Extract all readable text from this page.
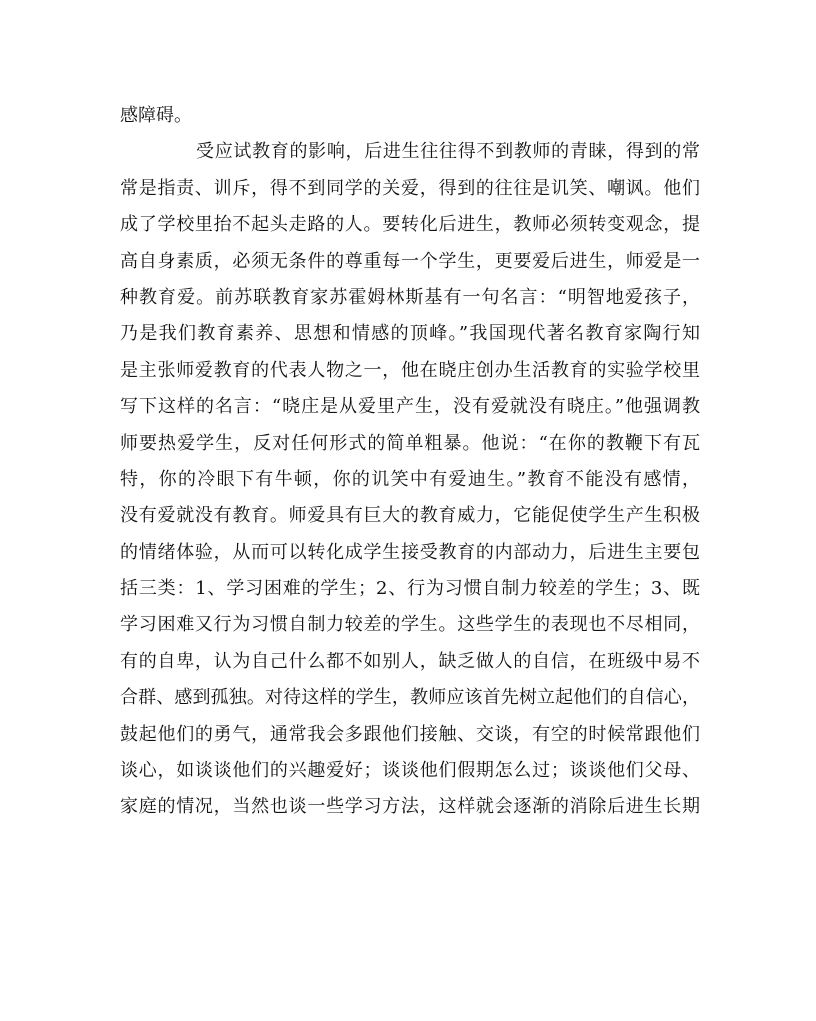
感障碍。
受应试教育的影响，后进生往往得不到教师的青睐，得到的常
常是指责、训斥，得不到同学的关爱，得到的往往是讥笑、嘲讽。他们
成了学校里抬不起头走路的人。要转化后进生，教师必须转变观念，提
高自身素质，必须无条件的尊重每一个学生，更要爱后进生，师爱是一
种教育爱。前苏联教育家苏霍姆林斯基有一句名言：“明智地爱孩子，
乃是我们教育素养、思想和情感的顶峰。”我国现代著名教育家陶行知
是主张师爱教育的代表人物之一，他在晓庄创办生活教育的实验学校里
写下这样的名言：“晓庄是从爱里产生，没有爱就没有晓庄。”他强调教
师要热爱学生，反对任何形式的简单粗暴。他说：“在你的教鞭下有瓦
特，你的冷眼下有牛顿，你的讥笑中有爱迪生。”教育不能没有感情，
没有爱就没有教育。师爱具有巨大的教育威力，它能促使学生产生积极
的情绪体验，从而可以转化成学生接受教育的内部动力，后进生主要包
括三类：1、学习困难的学生；2、行为习惯自制力较差的学生；3、既
学习困难又行为习惯自制力较差的学生。这些学生的表现也不尽相同，
有的自卑，认为自己什么都不如别人，缺乏做人的自信，在班级中易不
合群、感到孤独。对待这样的学生，教师应该首先树立起他们的自信心，
鼓起他们的勇气，通常我会多跟他们接触、交谈，有空的时候常跟他们
谈心，如谈谈他们的兴趣爱好；谈谈他们假期怎么过；谈谈他们父母、
家庭的情况，当然也谈一些学习方法，这样就会逐渐的消除后进生长期
